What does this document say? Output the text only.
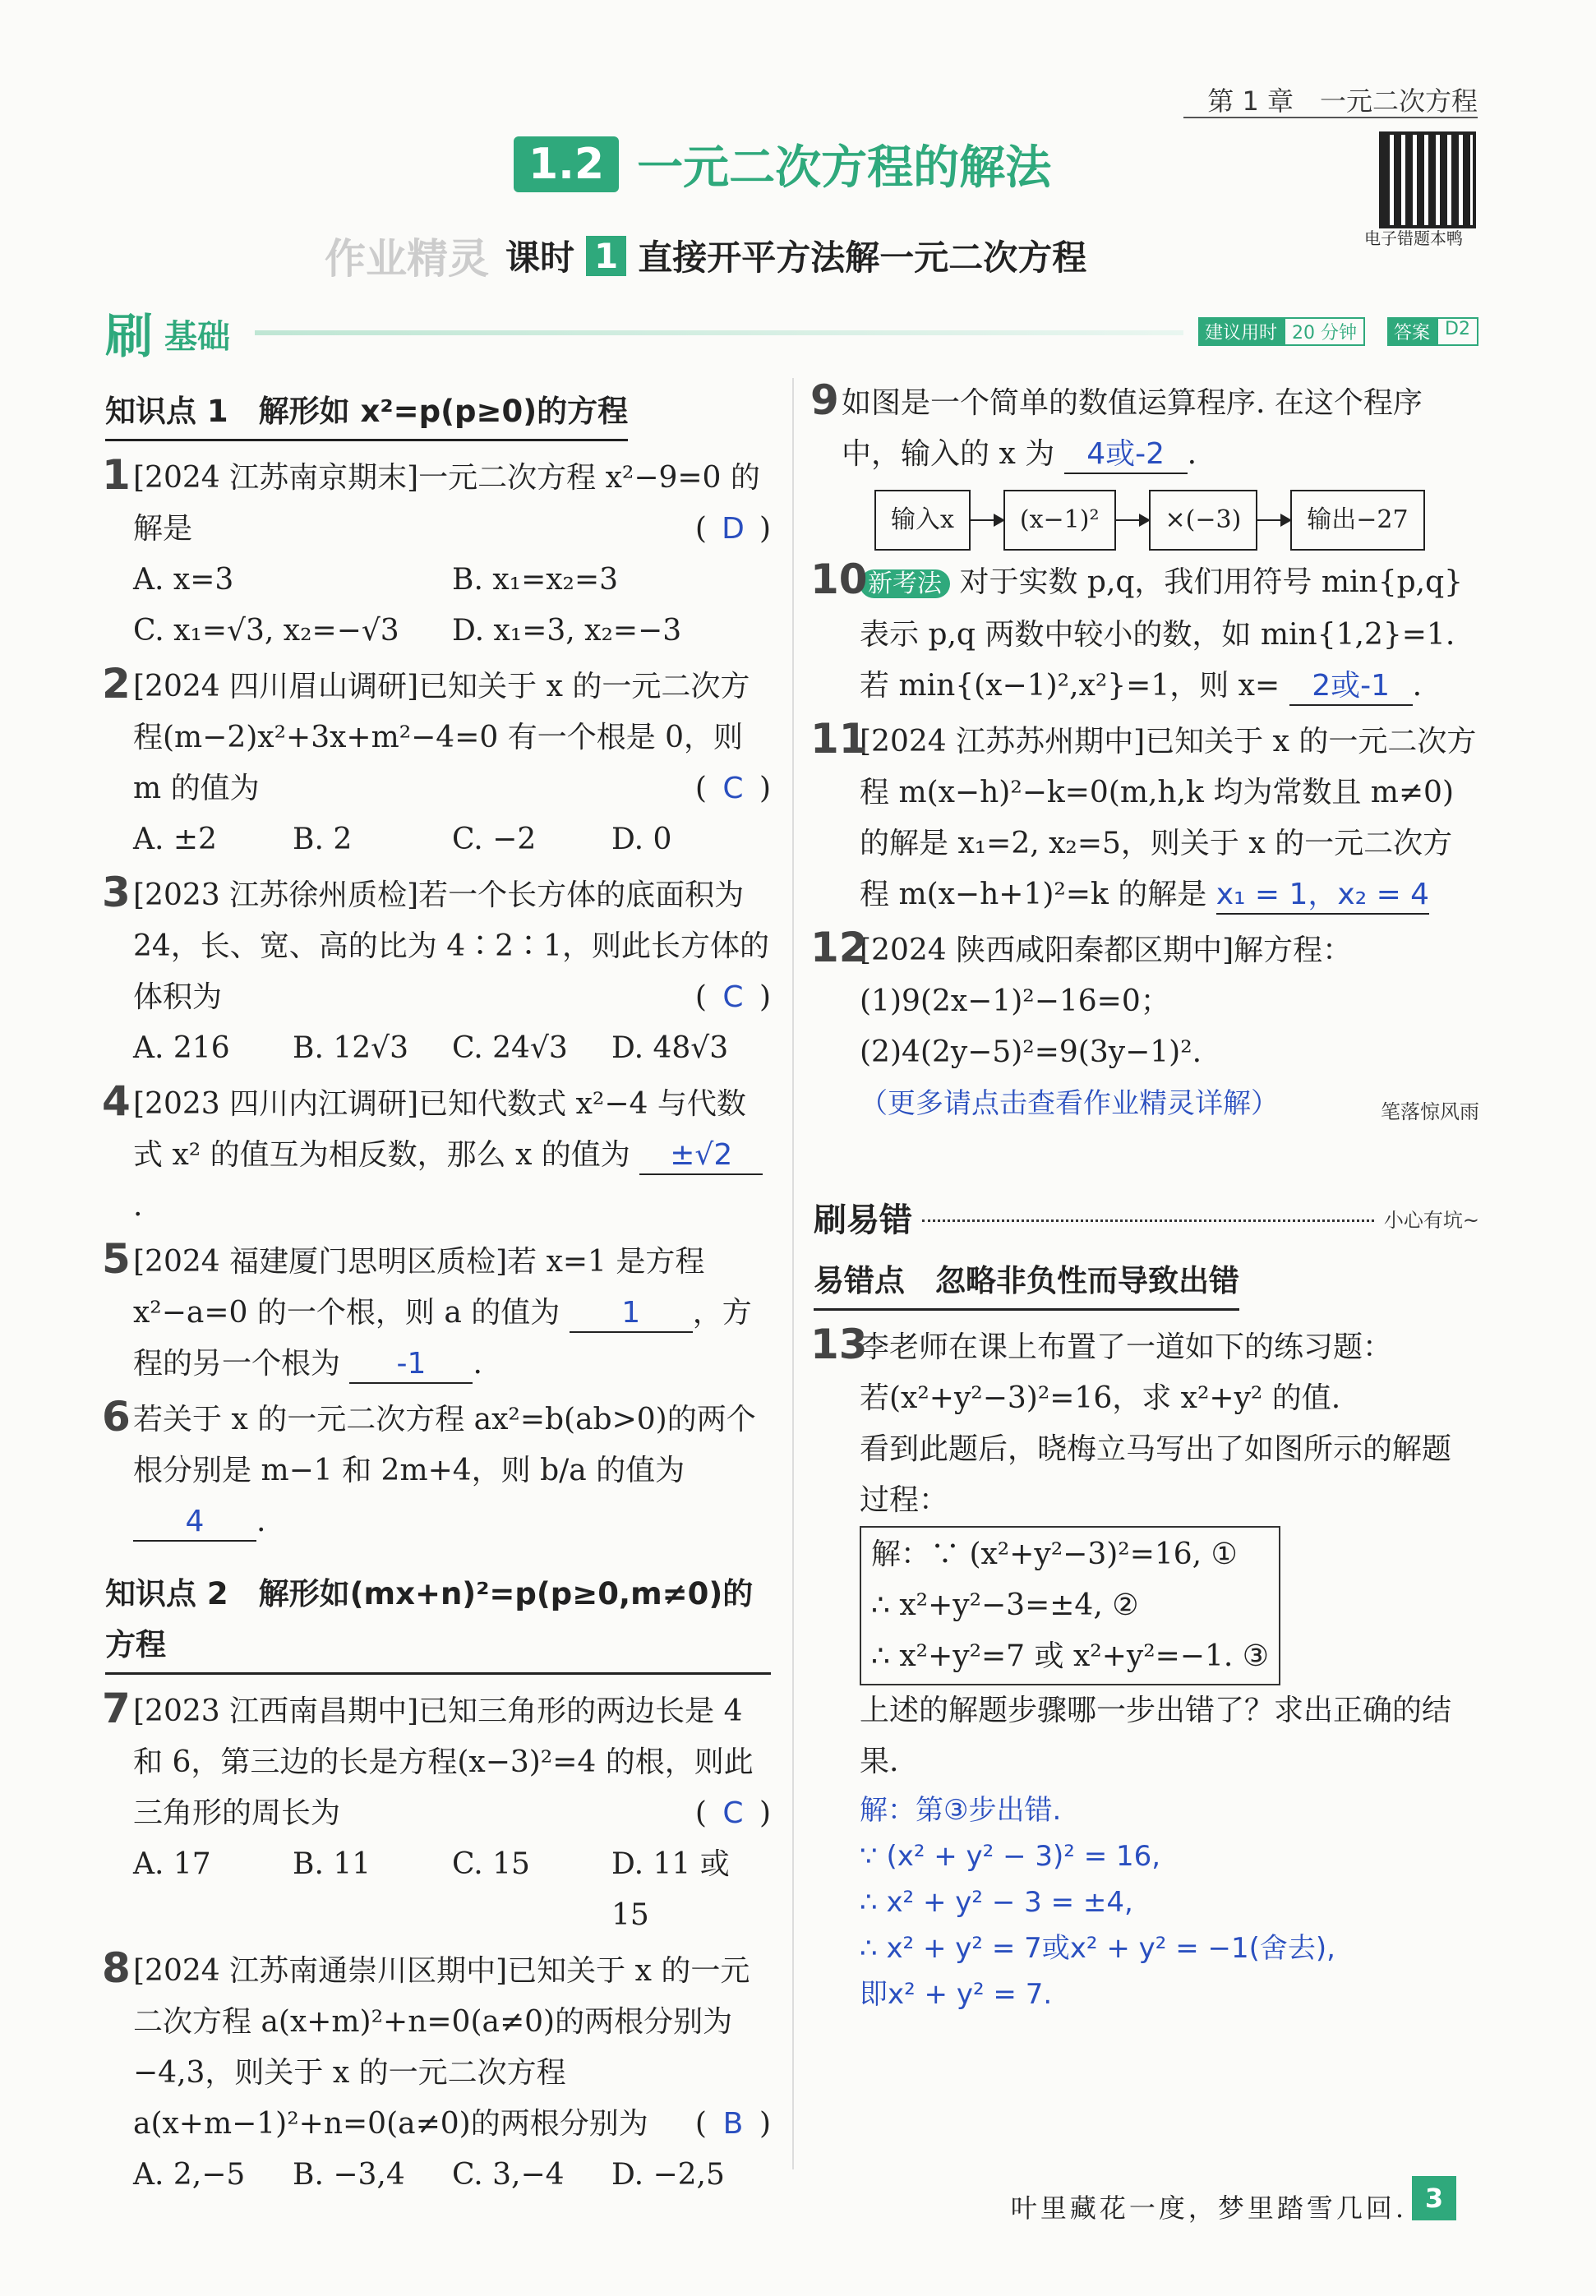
第 1 章　一元二次方程
电子错题本鸭
1.2 一元二次方程的解法
作业精灵 课时 1 直接开平方法解一元二次方程
刷 基础	建议用时 20 分钟	答案 D2
知识点 1　解形如 x²=p(p≥0)的方程
1 [2024 江苏南京期末]一元二次方程 x²−9=0 的解是	( D )
A. x=3	B. x₁=x₂=3
C. x₁=√3, x₂=−√3	D. x₁=3, x₂=−3
2 [2024 四川眉山调研]已知关于 x 的一元二次方程(m−2)x²+3x+m²−4=0 有一个根是 0，则 m 的值为	( C )
A. ±2	B. 2	C. −2	D. 0
3 [2023 江苏徐州质检]若一个长方体的底面积为 24，长、宽、高的比为 4∶2∶1，则此长方体的体积为	( C )
A. 216	B. 12√3	C. 24√3	D. 48√3
4 [2023 四川内江调研]已知代数式 x²−4 与代数式 x² 的值互为相反数，那么 x 的值为 ±√2.
5 [2024 福建厦门思明区质检]若 x=1 是方程 x²−a=0 的一个根，则 a 的值为 1 ，方程的另一个根为 -1 .
6 若关于 x 的一元二次方程 ax²=b(ab>0)的两个根分别是 m−1 和 2m+4，则 b/a 的值为 4 .
知识点 2　解形如(mx+n)²=p(p≥0,m≠0)的方程
7 [2023 江西南昌期中]已知三角形的两边长是 4 和 6，第三边的长是方程(x−3)²=4 的根，则此三角形的周长为	( C )
A. 17	B. 11	C. 15	D. 11 或 15
8 [2024 江苏南通崇川区期中]已知关于 x 的一元二次方程 a(x+m)²+n=0(a≠0)的两根分别为−4,3，则关于 x 的一元二次方程 a(x+m−1)²+n=0(a≠0)的两根分别为 ( B )
A. 2,−5	B. −3,4	C. 3,−4	D. −2,5
9 如图是一个简单的数值运算程序. 在这个程序中，输入的 x 为 4或-2 .
输入x	(x−1)²	×(−3)	输出−27
10 新考法 对于实数 p,q，我们用符号 min{p,q} 表示 p,q 两数中较小的数，如 min{1,2}=1. 若 min{(x−1)²,x²}=1，则 x= 2或-1 .
11
[2024 江苏苏州期中]已知关于 x 的一元二次方程 m(x−h)²−k=0(m,h,k 均为常数且 m≠0)的解是 x₁=2, x₂=5，则关于 x 的一元二次方程 m(x−h+1)²=k 的解是 x₁ = 1，x₂ = 4
12
[2024 陕西咸阳秦都区期中]解方程：
(1)9(2x−1)²−16=0；
(2)4(2y−5)²=9(3y−1)².
（更多请点击查看作业精灵详解）	笔落惊风雨
刷易错	小心有坑~
易错点　忽略非负性而导致出错
13
李老师在课上布置了一道如下的练习题：
若(x²+y²−3)²=16，求 x²+y² 的值.
看到此题后，晓梅立马写出了如图所示的解题过程：
解：∵ (x²+y²−3)²=16, ①
∴ x²+y²−3=±4, ②
∴ x²+y²=7 或 x²+y²=−1. ③
上述的解题步骤哪一步出错了？求出正确的结果.
解：第③步出错.
∵ (x² + y² − 3)² = 16,
∴ x² + y² − 3 = ±4,
∴ x² + y² = 7或x² + y² = −1(舍去),
即x² + y² = 7.
叶里藏花一度，梦里踏雪几回. 3
